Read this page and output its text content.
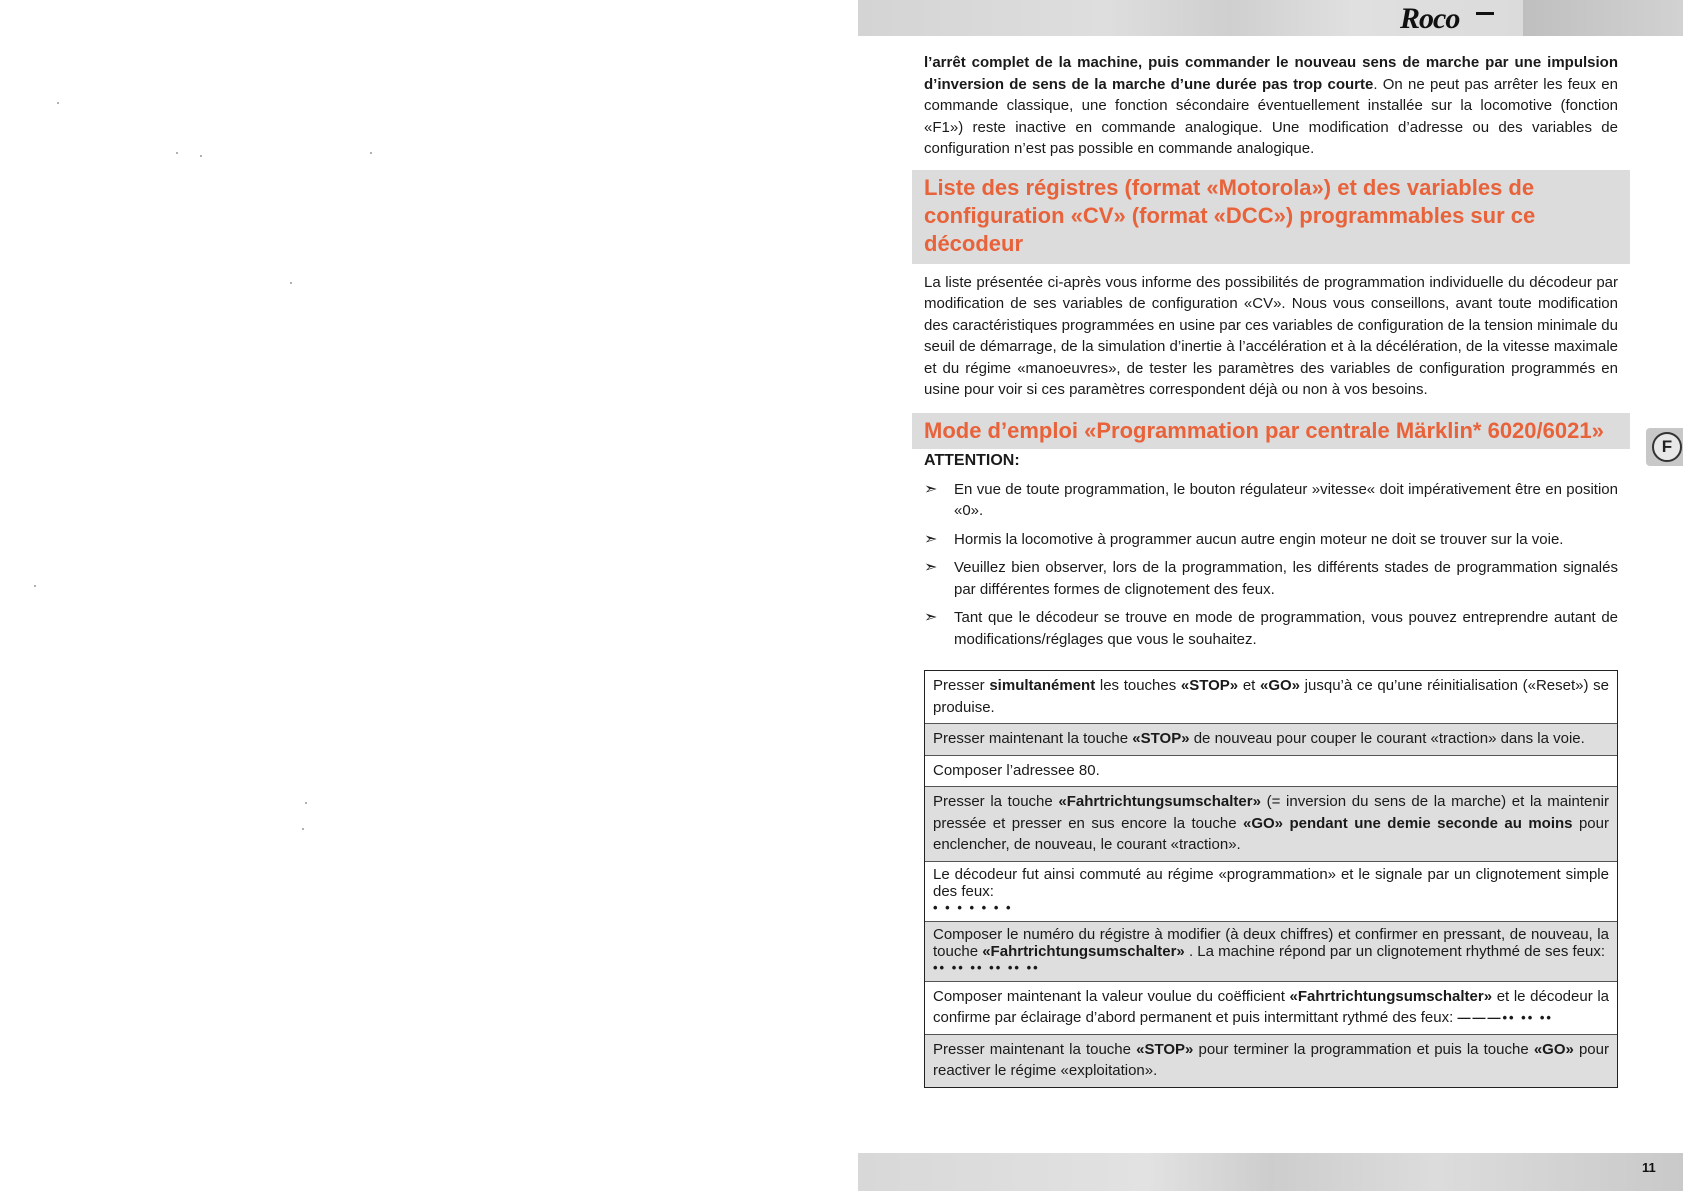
Roco

l’arrêt complet de la machine, puis commander le nouveau sens de marche par une impulsion d’inversion de sens de la marche d’une durée pas trop courte. On ne peut pas arrêter les feux en commande classique, une fonction sécondaire éventuellement installée sur la locomotive (fonction «F1») reste inactive en commande analogique. Une modification d’adresse ou des variables de configuration n’est pas possible en commande analogique.

Liste des régistres (format «Motorola») et des variables de configuration «CV» (format «DCC») programmables sur ce décodeur

La liste présentée ci-après vous informe des possibilités de programmation individuelle du décodeur par modification de ses variables de configuration «CV». Nous vous conseillons, avant toute modification des caractéristiques programmées en usine par ces variables de configuration de la tension minimale du seuil de démarrage, de la simulation d’inertie à l’accélération et à la décélération, de la vitesse maximale et du régime «manoeuvres», de tester les paramètres des variables de configuration programmés en usine pour voir si ces paramètres correspondent déjà ou non à vos besoins.

Mode d’emploi «Programmation par centrale Märklin* 6020/6021»
ATTENTION:
➣ En vue de toute programmation, le bouton régulateur »vitesse« doit impérativement être en position «0».
➣ Hormis la locomotive à programmer aucun autre engin moteur ne doit se trouver sur la voie.
➣ Veuillez bien observer, lors de la programmation, les différents stades de programmation signalés par différentes formes de clignotement des feux.
➣ Tant que le décodeur se trouve en mode de programmation, vous pouvez entreprendre autant de modifications/réglages que vous le souhaitez.
Presser simultanément les touches «STOP» et «GO» jusqu’à ce qu’une réinitialisation («Reset») se produise.
Presser maintenant la touche «STOP» de nouveau pour couper le courant «traction» dans la voie.
Composer l’adressee 80.
Presser la touche «Fahrtrichtungsumschalter» (= inversion du sens de la marche) et la maintenir pressée et presser en sus encore la touche «GO» pendant une demie seconde au moins pour enclencher, de nouveau, le courant «traction».
Le décodeur fut ainsi commuté au régime «programmation» et le signale par un clignotement simple des feux:
• • • • • • •
Composer le numéro du régistre à modifier (à deux chiffres) et confirmer en pressant, de nouveau, la touche «Fahrtrichtungsumschalter» . La machine répond par un clignotement rhythmé de ses feux:
•• •• •• •• •• ••
Composer maintenant la valeur voulue du coëfficient «Fahrtrichtungsumschalter» et le décodeur la confirme par éclairage d’abord permanent et puis intermittant rythmé des feux: ———•• •• ••
Presser maintenant la touche «STOP» pour terminer la programmation et puis la touche «GO» pour reactiver le régime «exploitation».
F
11
